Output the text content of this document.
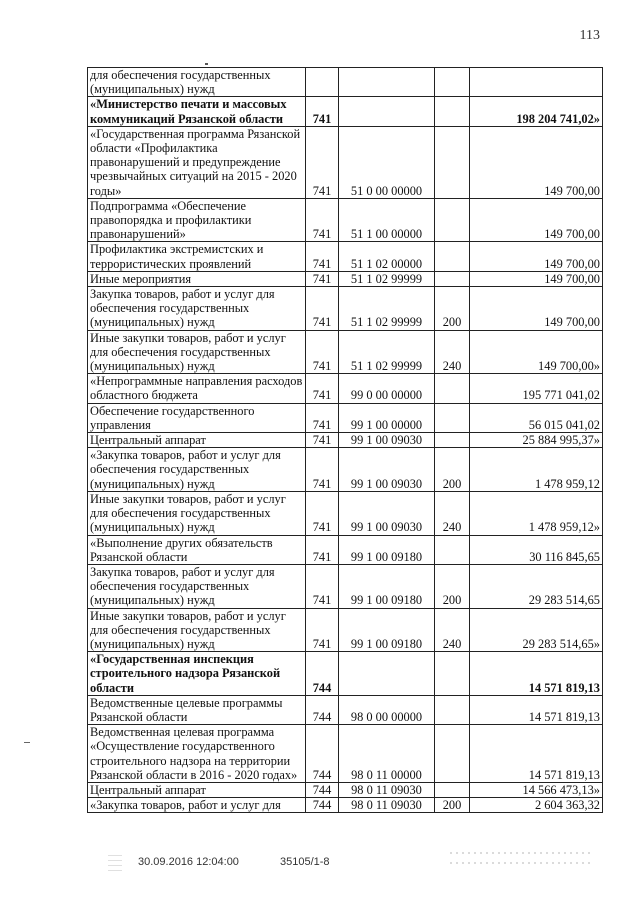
113
для обеспечения государственных (муниципальных) нужд				
«Министерство печати и массовых коммуникаций Рязанской области	741			198 204 741,02»
«Государственная программа Рязанской области «Профилактика правонарушений и предупреждение чрезвычайных ситуаций на 2015 - 2020 годы»	741	51 0 00 00000		149 700,00
Подпрограмма «Обеспечение правопорядка и профилактики правонарушений»	741	51 1 00 00000		149 700,00
Профилактика экстремистских и террористических проявлений	741	51 1 02 00000		149 700,00
Иные мероприятия	741	51 1 02 99999		149 700,00
Закупка товаров, работ и услуг для обеспечения государственных (муниципальных) нужд	741	51 1 02 99999	200	149 700,00
Иные закупки товаров, работ и услуг для обеспечения государственных (муниципальных) нужд	741	51 1 02 99999	240	149 700,00»
«Непрограммные направления расходов областного бюджета	741	99 0 00 00000		195 771 041,02
Обеспечение государственного управления	741	99 1 00 00000		56 015 041,02
Центральный аппарат	741	99 1 00 09030		25 884 995,37»
«Закупка товаров, работ и услуг для обеспечения государственных (муниципальных) нужд	741	99 1 00 09030	200	1 478 959,12
Иные закупки товаров, работ и услуг для обеспечения государственных (муниципальных) нужд	741	99 1 00 09030	240	1 478 959,12»
«Выполнение других обязательств Рязанской области	741	99 1 00 09180		30 116 845,65
Закупка товаров, работ и услуг для обеспечения государственных (муниципальных) нужд	741	99 1 00 09180	200	29 283 514,65
Иные закупки товаров, работ и услуг для обеспечения государственных (муниципальных) нужд	741	99 1 00 09180	240	29 283 514,65»
«Государственная инспекция строительного надзора Рязанской области	744			14 571 819,13
Ведомственные целевые программы Рязанской области	744	98 0 00 00000		14 571 819,13
Ведомственная целевая программа «Осуществление государственного строительного надзора на территории Рязанской области в 2016 - 2020 годах»	744	98 0 11 00000		14 571 819,13
Центральный аппарат	744	98 0 11 09030		14 566 473,13»
«Закупка товаров, работ и услуг для	744	98 0 11 09030	200	2 604 363,32
30.09.2016 12:04:00	35105/1-8
